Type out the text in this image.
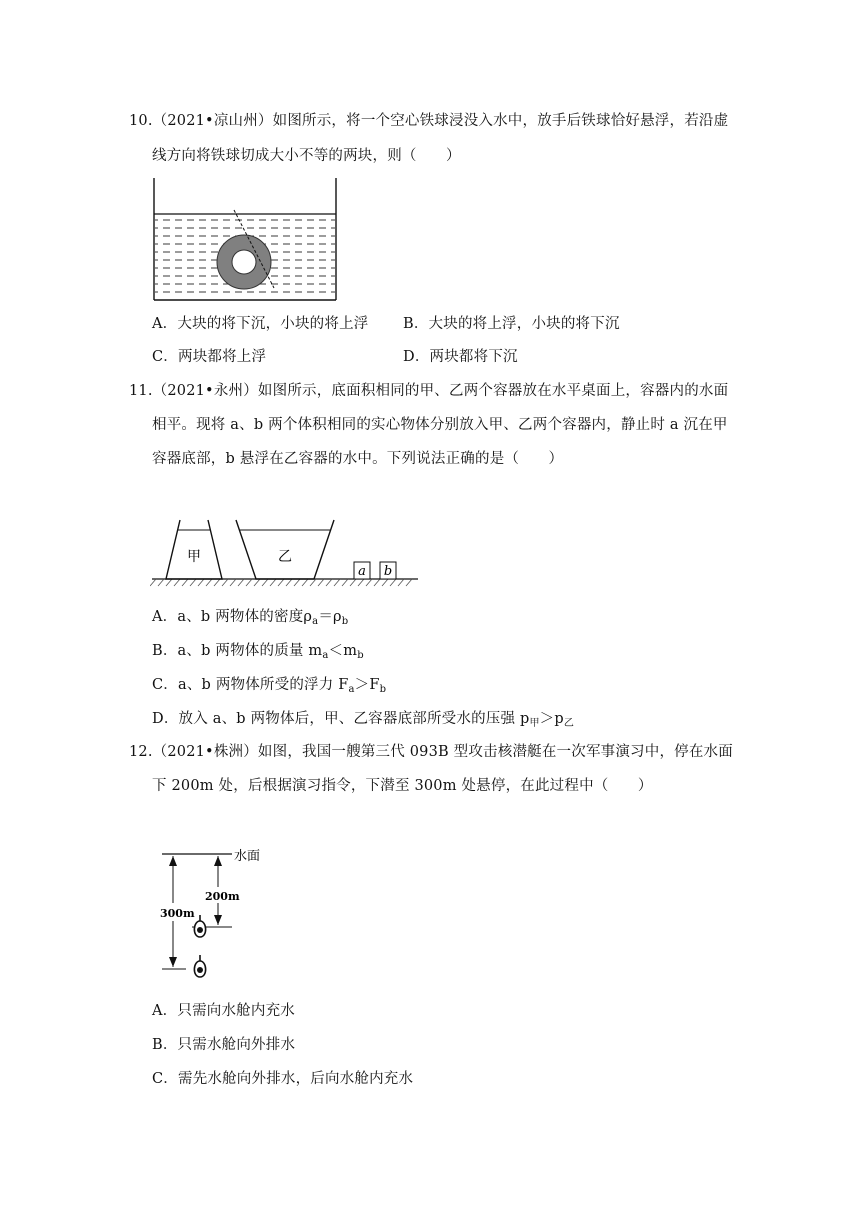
10.（2021•凉山州）如图所示，将一个空心铁球浸没入水中，放手后铁球恰好悬浮，若沿虚
线方向将铁球切成大小不等的两块，则（　　）
A．大块的将下沉，小块的将上浮 B．大块的将上浮，小块的将下沉
C．两块都将上浮	D．两块都将下沉
11.（2021•永州）如图所示，底面积相同的甲、乙两个容器放在水平桌面上，容器内的水面
相平。现将 a、b 两个体积相同的实心物体分别放入甲、乙两个容器内，静止时 a 沉在甲
容器底部，b 悬浮在乙容器的水中。下列说法正确的是（　　）
甲	乙
a b
A．a、b 两物体的密度$\rho_a=\rho_b$
B．a、b 两物体的质量 $m_a<m_b$
C．a、b 两物体所受的浮力 $F_a>F_b$
D．放入 a、b 两物体后，甲、乙容器底部所受水的压强 $p_甲>p_乙$
12.（2021•株洲）如图，我国一艘第三代 093B 型攻击核潜艇在一次军事演习中，停在水面
下 200m 处，后根据演习指令，下潜至 300m 处悬停，在此过程中（　　）
水面
300m
200m
A．只需向水舱内充水
B．只需水舱向外排水
C．需先水舱向外排水，后向水舱内充水
